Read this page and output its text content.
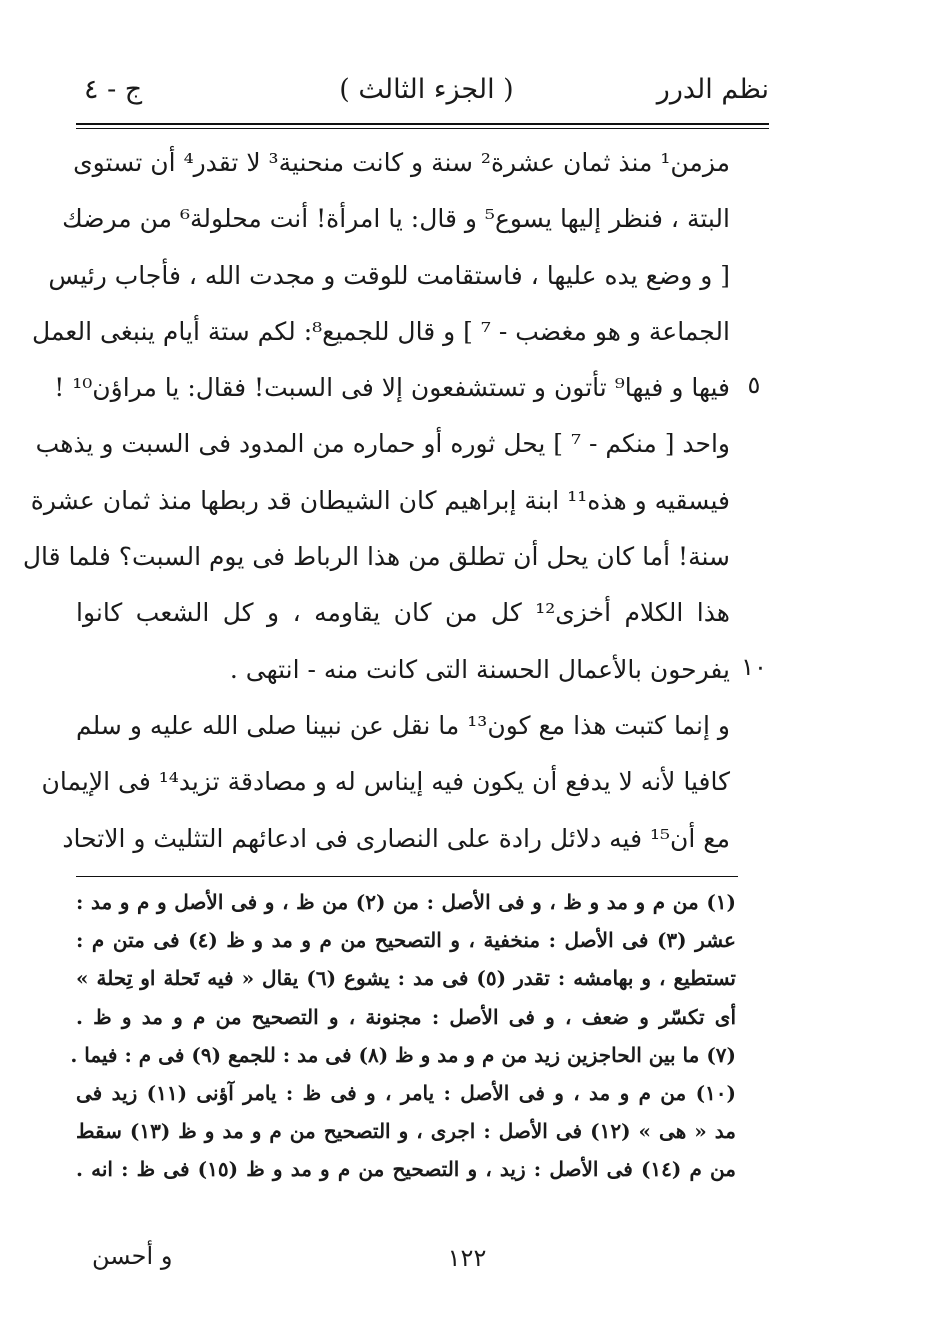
نظم الدرر
( الجزء الثالث )
ج - ٤
مزمن¹ منذ ثمان عشرة² سنة و كانت منحنية³ لا تقدر⁴ أن تستوى
البتة ، فنظر إليها يسوع⁵ و قال: يا امرأة! أنت محلولة⁶ من مرضك
[ و وضع يده عليها ، فاستقامت للوقت و مجدت الله ، فأجاب رئيس
الجماعة و هو مغضب - ⁷ ] و قال للجميع⁸: لكم ستة أيام ينبغى العمل
فيها و فيها⁹ تأتون و تستشفعون إلا فى السبت! فقال: يا مراؤن¹⁰ !
واحد [ منكم - ⁷ ] يحل ثوره أو حماره من المدود فى السبت و يذهب
فيسقيه و هذه¹¹ ابنة إبراهيم كان الشيطان قد ربطها منذ ثمان عشرة
سنة! أما كان يحل أن تطلق من هذا الرباط فى يوم السبت؟ فلما قال
هذا الكلام أخزى¹² كل من كان يقاومه ، و كل الشعب كانوا
يفرحون بالأعمال الحسنة التى كانت منه - انتهى .
و إنما كتبت هذا مع كون¹³ ما نقل عن نبينا صلى الله عليه و سلم
كافيا لأنه لا يدفع أن يكون فيه إيناس له و مصادقة تزيد¹⁴ فى الإيمان
مع أن¹⁵ فيه دلائل رادة على النصارى فى ادعائهم التثليث و الاتحاد
٥
١٠
(١) من م و مد و ظ ، و فى الأصل : من (٢) من ظ ، و فى الأصل و م و مد :
عشر (٣) فى الأصل : منخفية ، و التصحيح من م و مد و ظ (٤) فى متن م :
تستطيع ، و بهامشه : تقدر (٥) فى مد : يشوع (٦) يقال « فيه تَحلة او تِحلة »
أى تكسّر و ضعف ، و فى الأصل : مجنونة ، و التصحيح من م و مد و ظ .
(٧) ما بين الحاجزين زيد من م و مد و ظ (٨) فى مد : للجمع (٩) فى م : فيما .
(١٠) من م و مد ، و فى الأصل : يامر ، و فى ظ : يامر آؤنى (١١) زيد فى
مد « هى » (١٢) فى الأصل : اجرى ، و التصحيح من م و مد و ظ (١٣) سقط
من م (١٤) فى الأصل : زيد ، و التصحيح من م و مد و ظ (١٥) فى ظ : انه .
و أحسن	١٢٢
